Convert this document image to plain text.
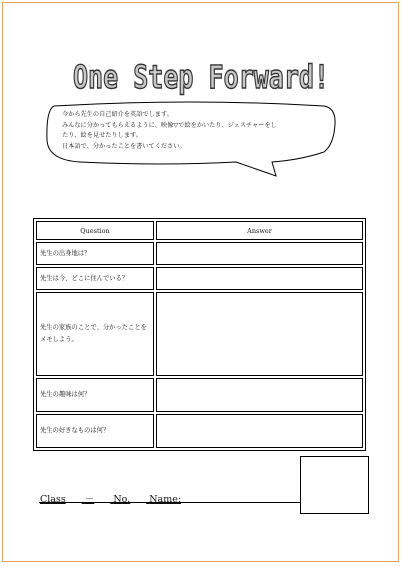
One Step Forward!
今から先生の自己紹介を英語でします。
みんなに分かってもらえるように、映像▽で絵をかいたり、ジェスチャーをし
たり、絵を見せたりします。
日本語で、分かったことを書いてください。
Question	Answer
先生の出身地は？	
先生は今、どこに住んでいる？	
先生の家族のことで、分かったことをメモしよう。	
先生の趣味は何？	
先生の好きなものは何？	
Class － No. Name:
